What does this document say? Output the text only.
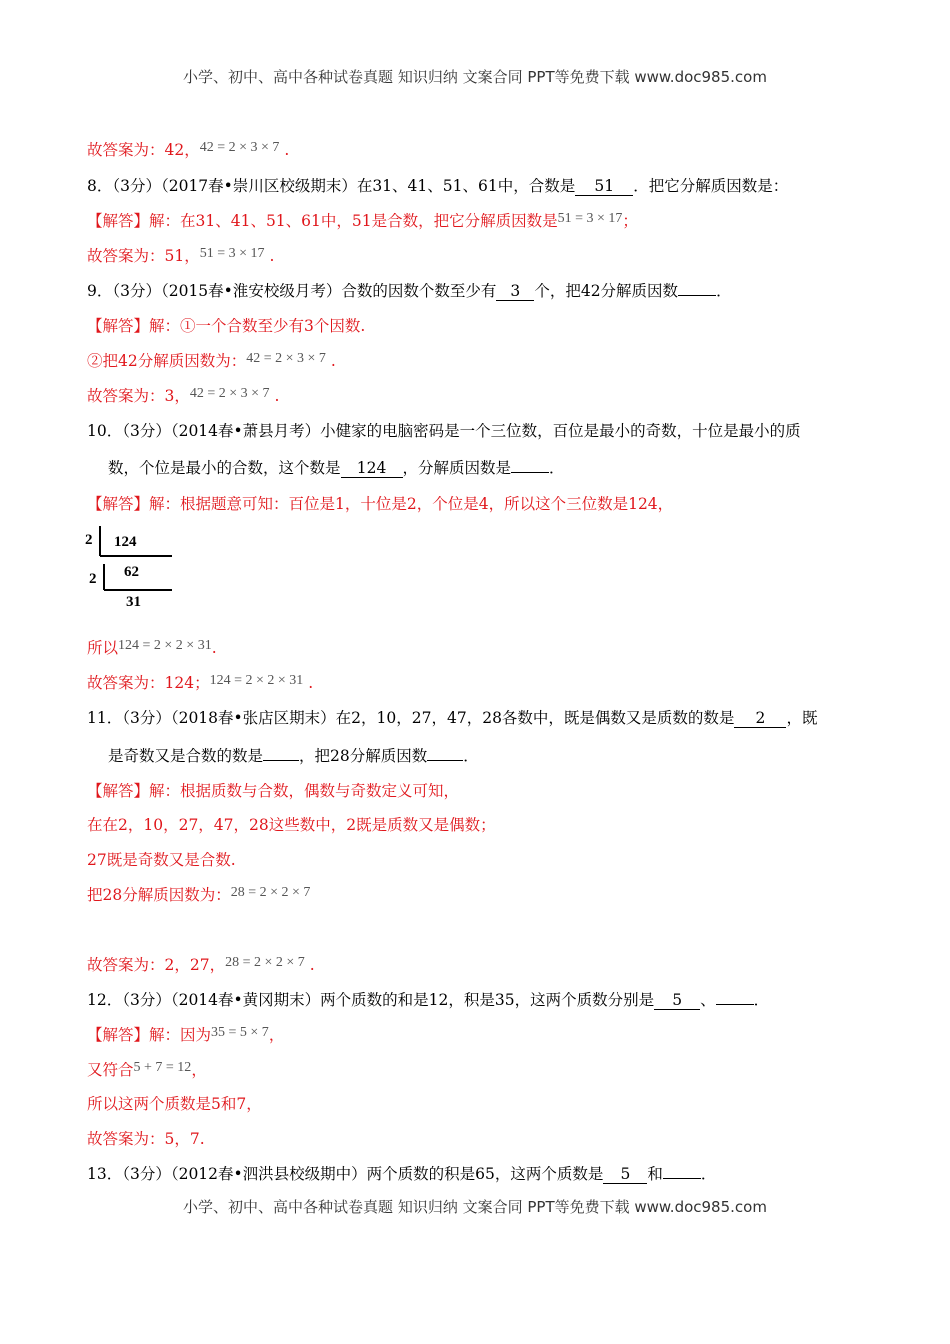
小学、初中、高中各种试卷真题 知识归纳 文案合同 PPT等免费下载 www.doc985.com
故答案为：42，42 = 2 × 3 × 7 .
8．（3分）（2017春•崇川区校级期末）在31、41、51、61中，合数是 51 ．把它分解质因数是：
【解答】解：在31、41、51、61中，51是合数，把它分解质因数是51 = 3 × 17；
故答案为：51，51 = 3 × 17 .
9．（3分）（2015春•淮安校级月考）合数的因数个数至少有 3 个，把42分解质因数 ．
【解答】解：①一个合数至少有3个因数.
②把42分解质因数为：42 = 2 × 3 × 7 .
故答案为：3，42 = 2 × 3 × 7 .
10．（3分）（2014春•萧县月考）小健家的电脑密码是一个三位数，百位是最小的奇数，十位是最小的质
数，个位是最小的合数，这个数是 124 ，分解质因数是 ．
【解答】解：根据题意可知：百位是1，十位是2，个位是4，所以这个三位数是124，
2 124
2 62
31
所以124 = 2 × 2 × 31.
故答案为：124；124 = 2 × 2 × 31 .
11．（3分）（2018春•张店区期末）在2，10，27，47，28各数中，既是偶数又是质数的数是 2 ，既
是奇数又是合数的数是 ，把28分解质因数 ．
【解答】解：根据质数与合数，偶数与奇数定义可知，
在在2，10，27，47，28这些数中，2既是质数又是偶数；
27既是奇数又是合数.
把28分解质因数为：28 = 2 × 2 × 7
故答案为：2，27，28 = 2 × 2 × 7 .
12．（3分）（2014春•黄冈期末）两个质数的和是12，积是35，这两个质数分别是 5 、 ．
【解答】解：因为35 = 5 × 7，
又符合5 + 7 = 12，
所以这两个质数是5和7，
故答案为：5，7.
13．（3分）（2012春•泗洪县校级期中）两个质数的积是65，这两个质数是 5 和 ．
小学、初中、高中各种试卷真题 知识归纳 文案合同 PPT等免费下载 www.doc985.com
